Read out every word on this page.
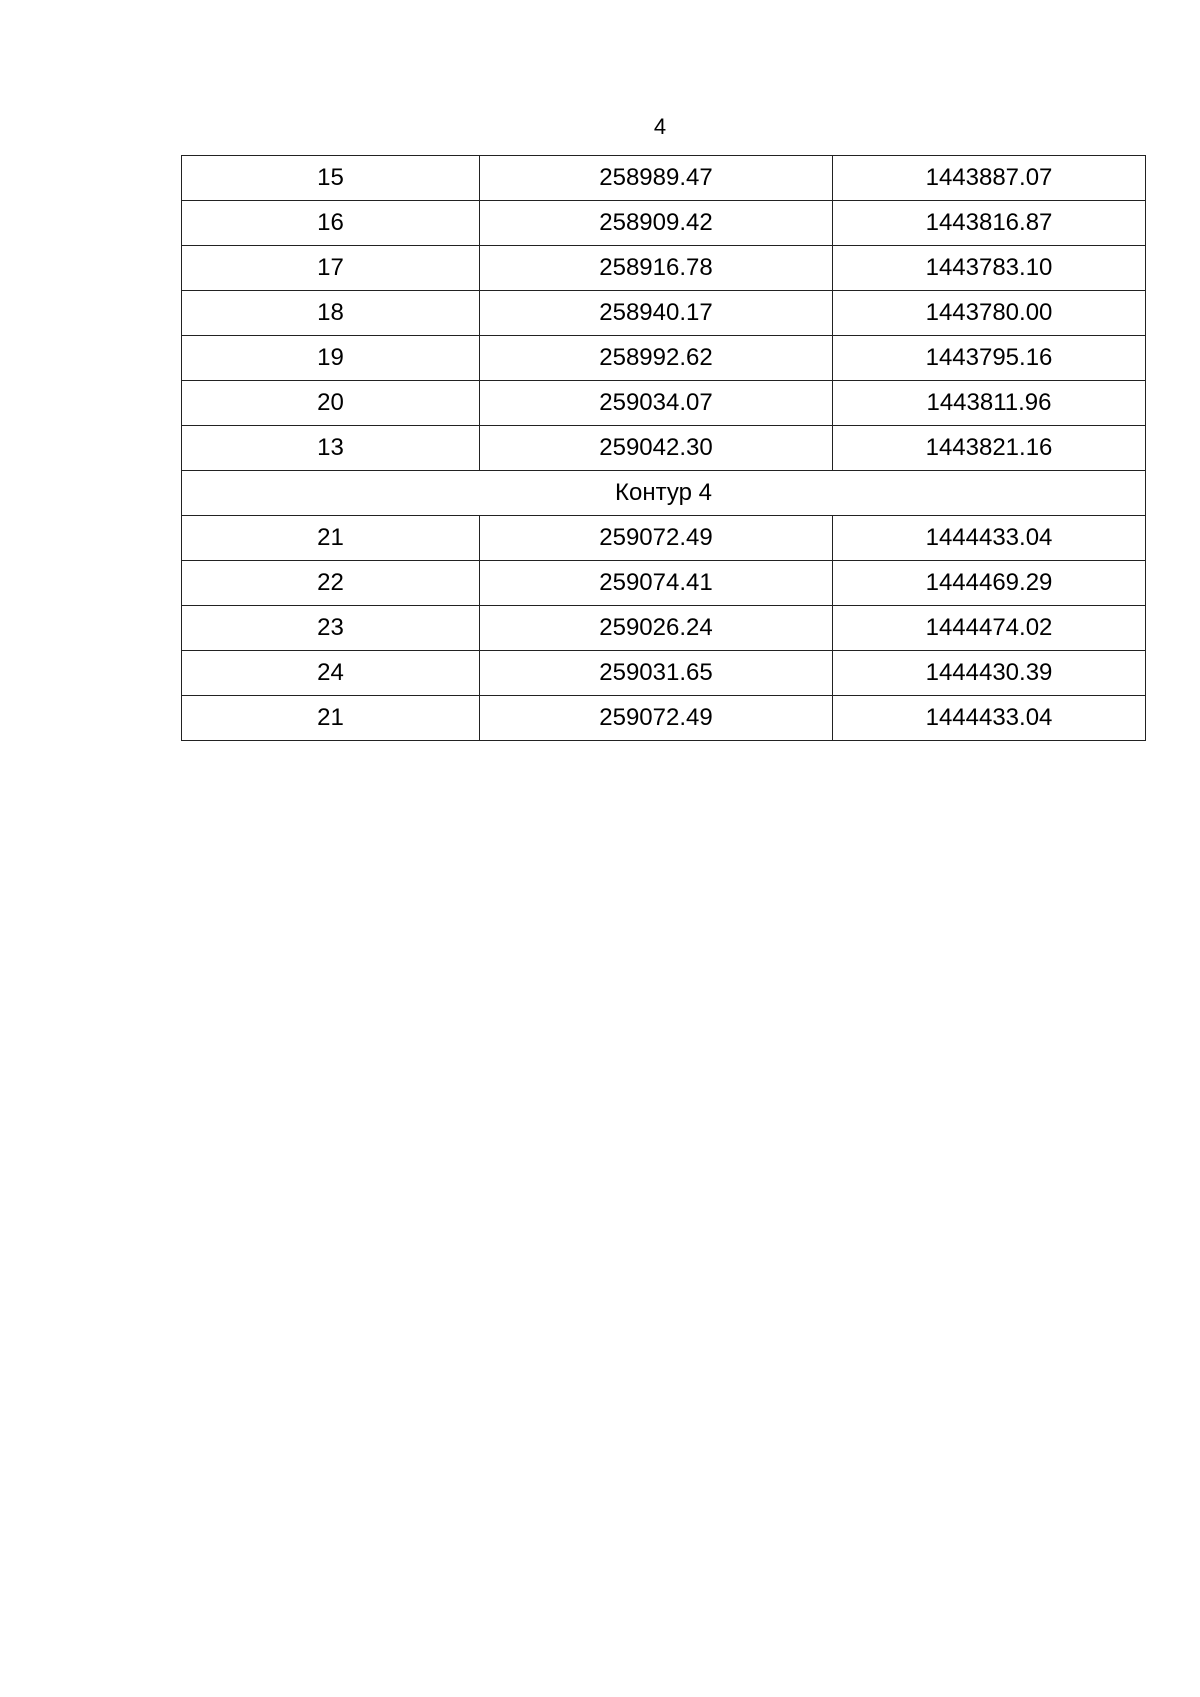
4
15	258989.47	1443887.07
16	258909.42	1443816.87
17	258916.78	1443783.10
18	258940.17	1443780.00
19	258992.62	1443795.16
20	259034.07	1443811.96
13	259042.30	1443821.16
Контур 4		
21	259072.49	1444433.04
22	259074.41	1444469.29
23	259026.24	1444474.02
24	259031.65	1444430.39
21	259072.49	1444433.04
